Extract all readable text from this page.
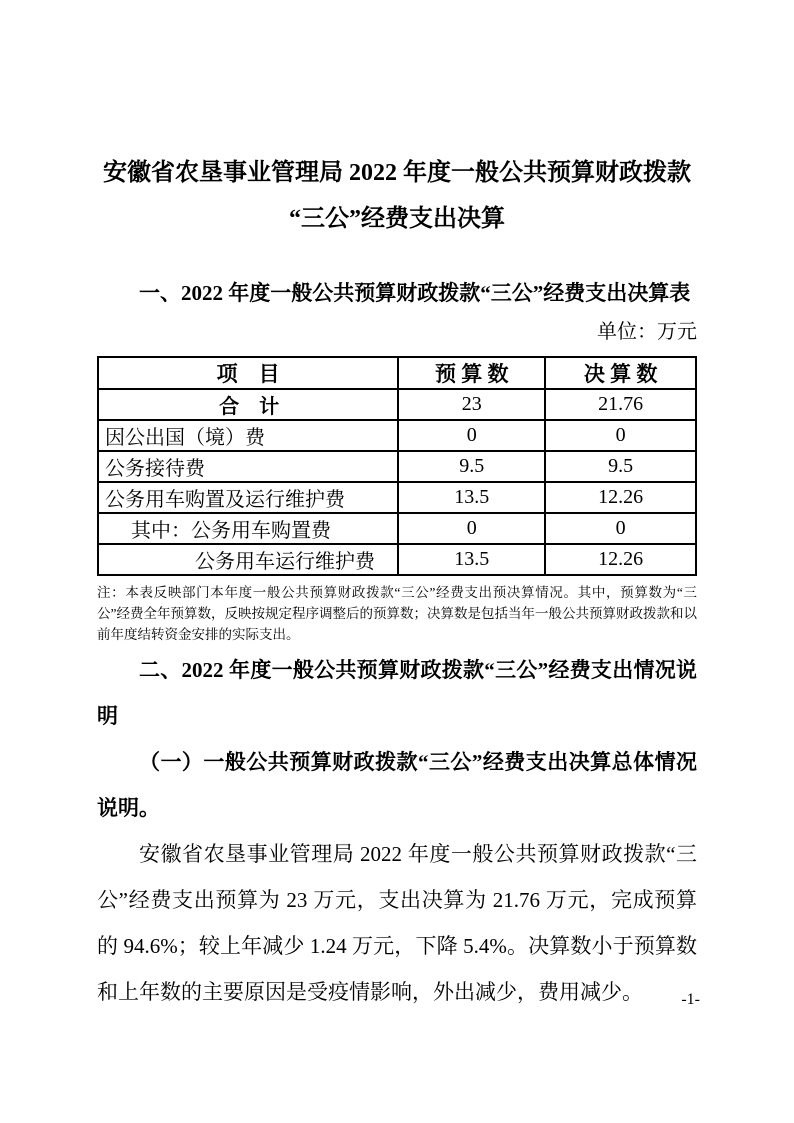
安徽省农垦事业管理局 2022 年度一般公共预算财政拨款
“三公”经费支出决算

一、2022 年度一般公共预算财政拨款“三公”经费支出决算表

单位：万元

项　目	预 算 数	决 算 数
合　计	23	21.76
因公出国（境）费	0	0
公务接待费	9.5	9.5
公务用车购置及运行维护费	13.5	12.26
其中：公务用车购置费	0	0
公务用车运行维护费	13.5	12.26

注：本表反映部门本年度一般公共预算财政拨款“三公”经费支出预决算情况。其中，预算数为“三公”经费全年预算数，反映按规定程序调整后的预算数；决算数是包括当年一般公共预算财政拨款和以前年度结转资金安排的实际支出。

二、2022 年度一般公共预算财政拨款“三公”经费支出情况说明

（一）一般公共预算财政拨款“三公”经费支出决算总体情况说明。

安徽省农垦事业管理局 2022 年度一般公共预算财政拨款“三公”经费支出预算为 23 万元，支出决算为 21.76 万元，完成预算的 94.6%；较上年减少 1.24 万元，下降 5.4%。决算数小于预算数和上年数的主要原因是受疫情影响，外出减少，费用减少。	-1-
